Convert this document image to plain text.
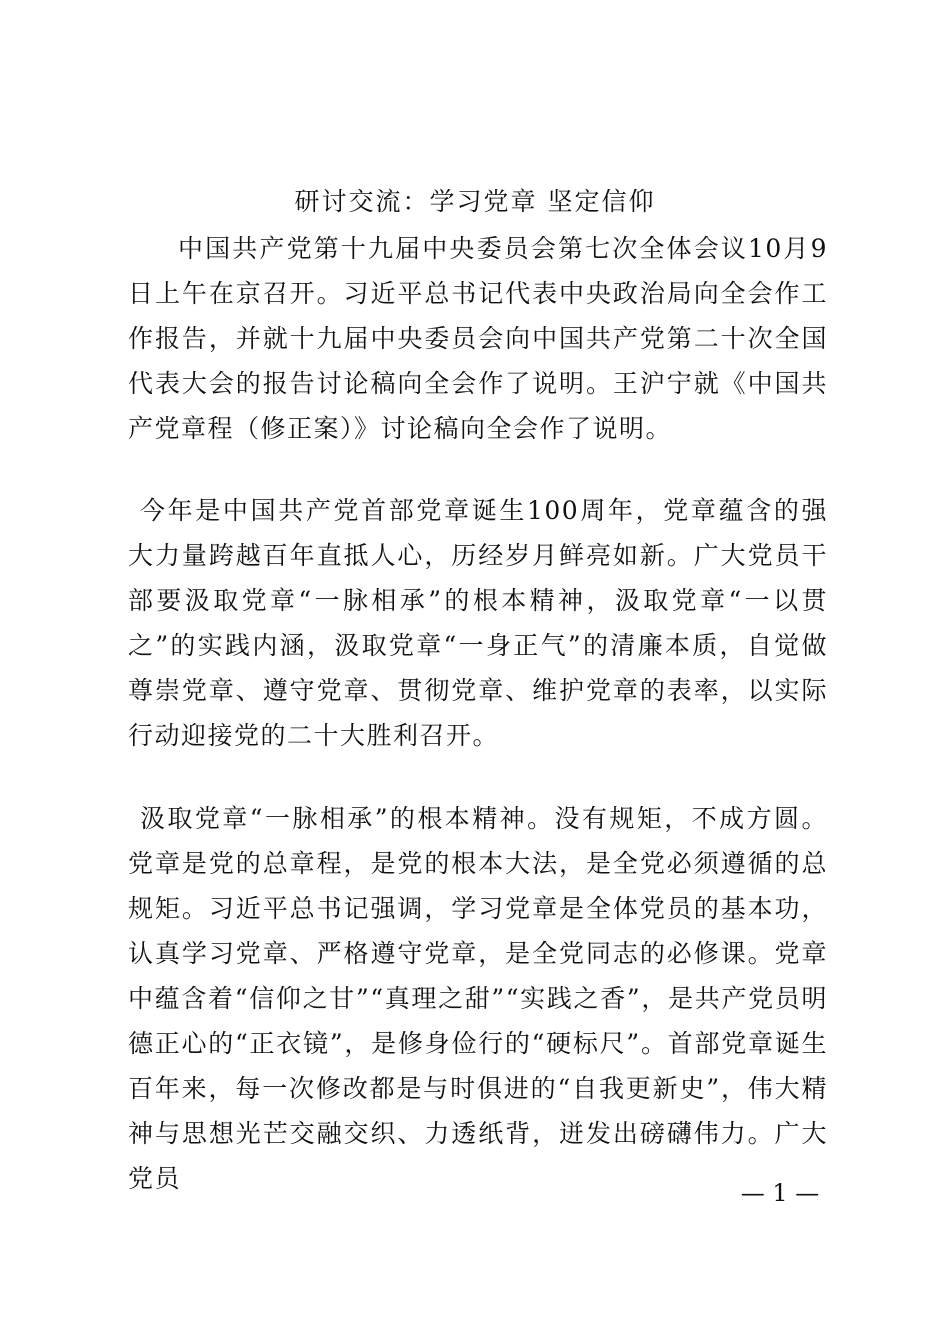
研讨交流：学习党章 坚定信仰

中国共产党第十九届中央委员会第七次全体会议10月9日上午在京召开。习近平总书记代表中央政治局向全会作工作报告，并就十九届中央委员会向中国共产党第二十次全国代表大会的报告讨论稿向全会作了说明。王沪宁就《中国共产党章程（修正案）》讨论稿向全会作了说明。

今年是中国共产党首部党章诞生100周年，党章蕴含的强大力量跨越百年直抵人心，历经岁月鲜亮如新。广大党员干部要汲取党章“一脉相承”的根本精神，汲取党章“一以贯之”的实践内涵，汲取党章“一身正气”的清廉本质，自觉做尊崇党章、遵守党章、贯彻党章、维护党章的表率，以实际行动迎接党的二十大胜利召开。

汲取党章“一脉相承”的根本精神。没有规矩，不成方圆。党章是党的总章程，是党的根本大法，是全党必须遵循的总规矩。习近平总书记强调，学习党章是全体党员的基本功，认真学习党章、严格遵守党章，是全党同志的必修课。党章中蕴含着“信仰之甘”“真理之甜”“实践之香”，是共产党员明德正心的“正衣镜”，是修身俭行的“硬标尺”。首部党章诞生百年来，每一次修改都是与时俱进的“自我更新史”，伟大精神与思想光芒交融交织、力透纸背，迸发出磅礴伟力。广大党员	— 1 —
